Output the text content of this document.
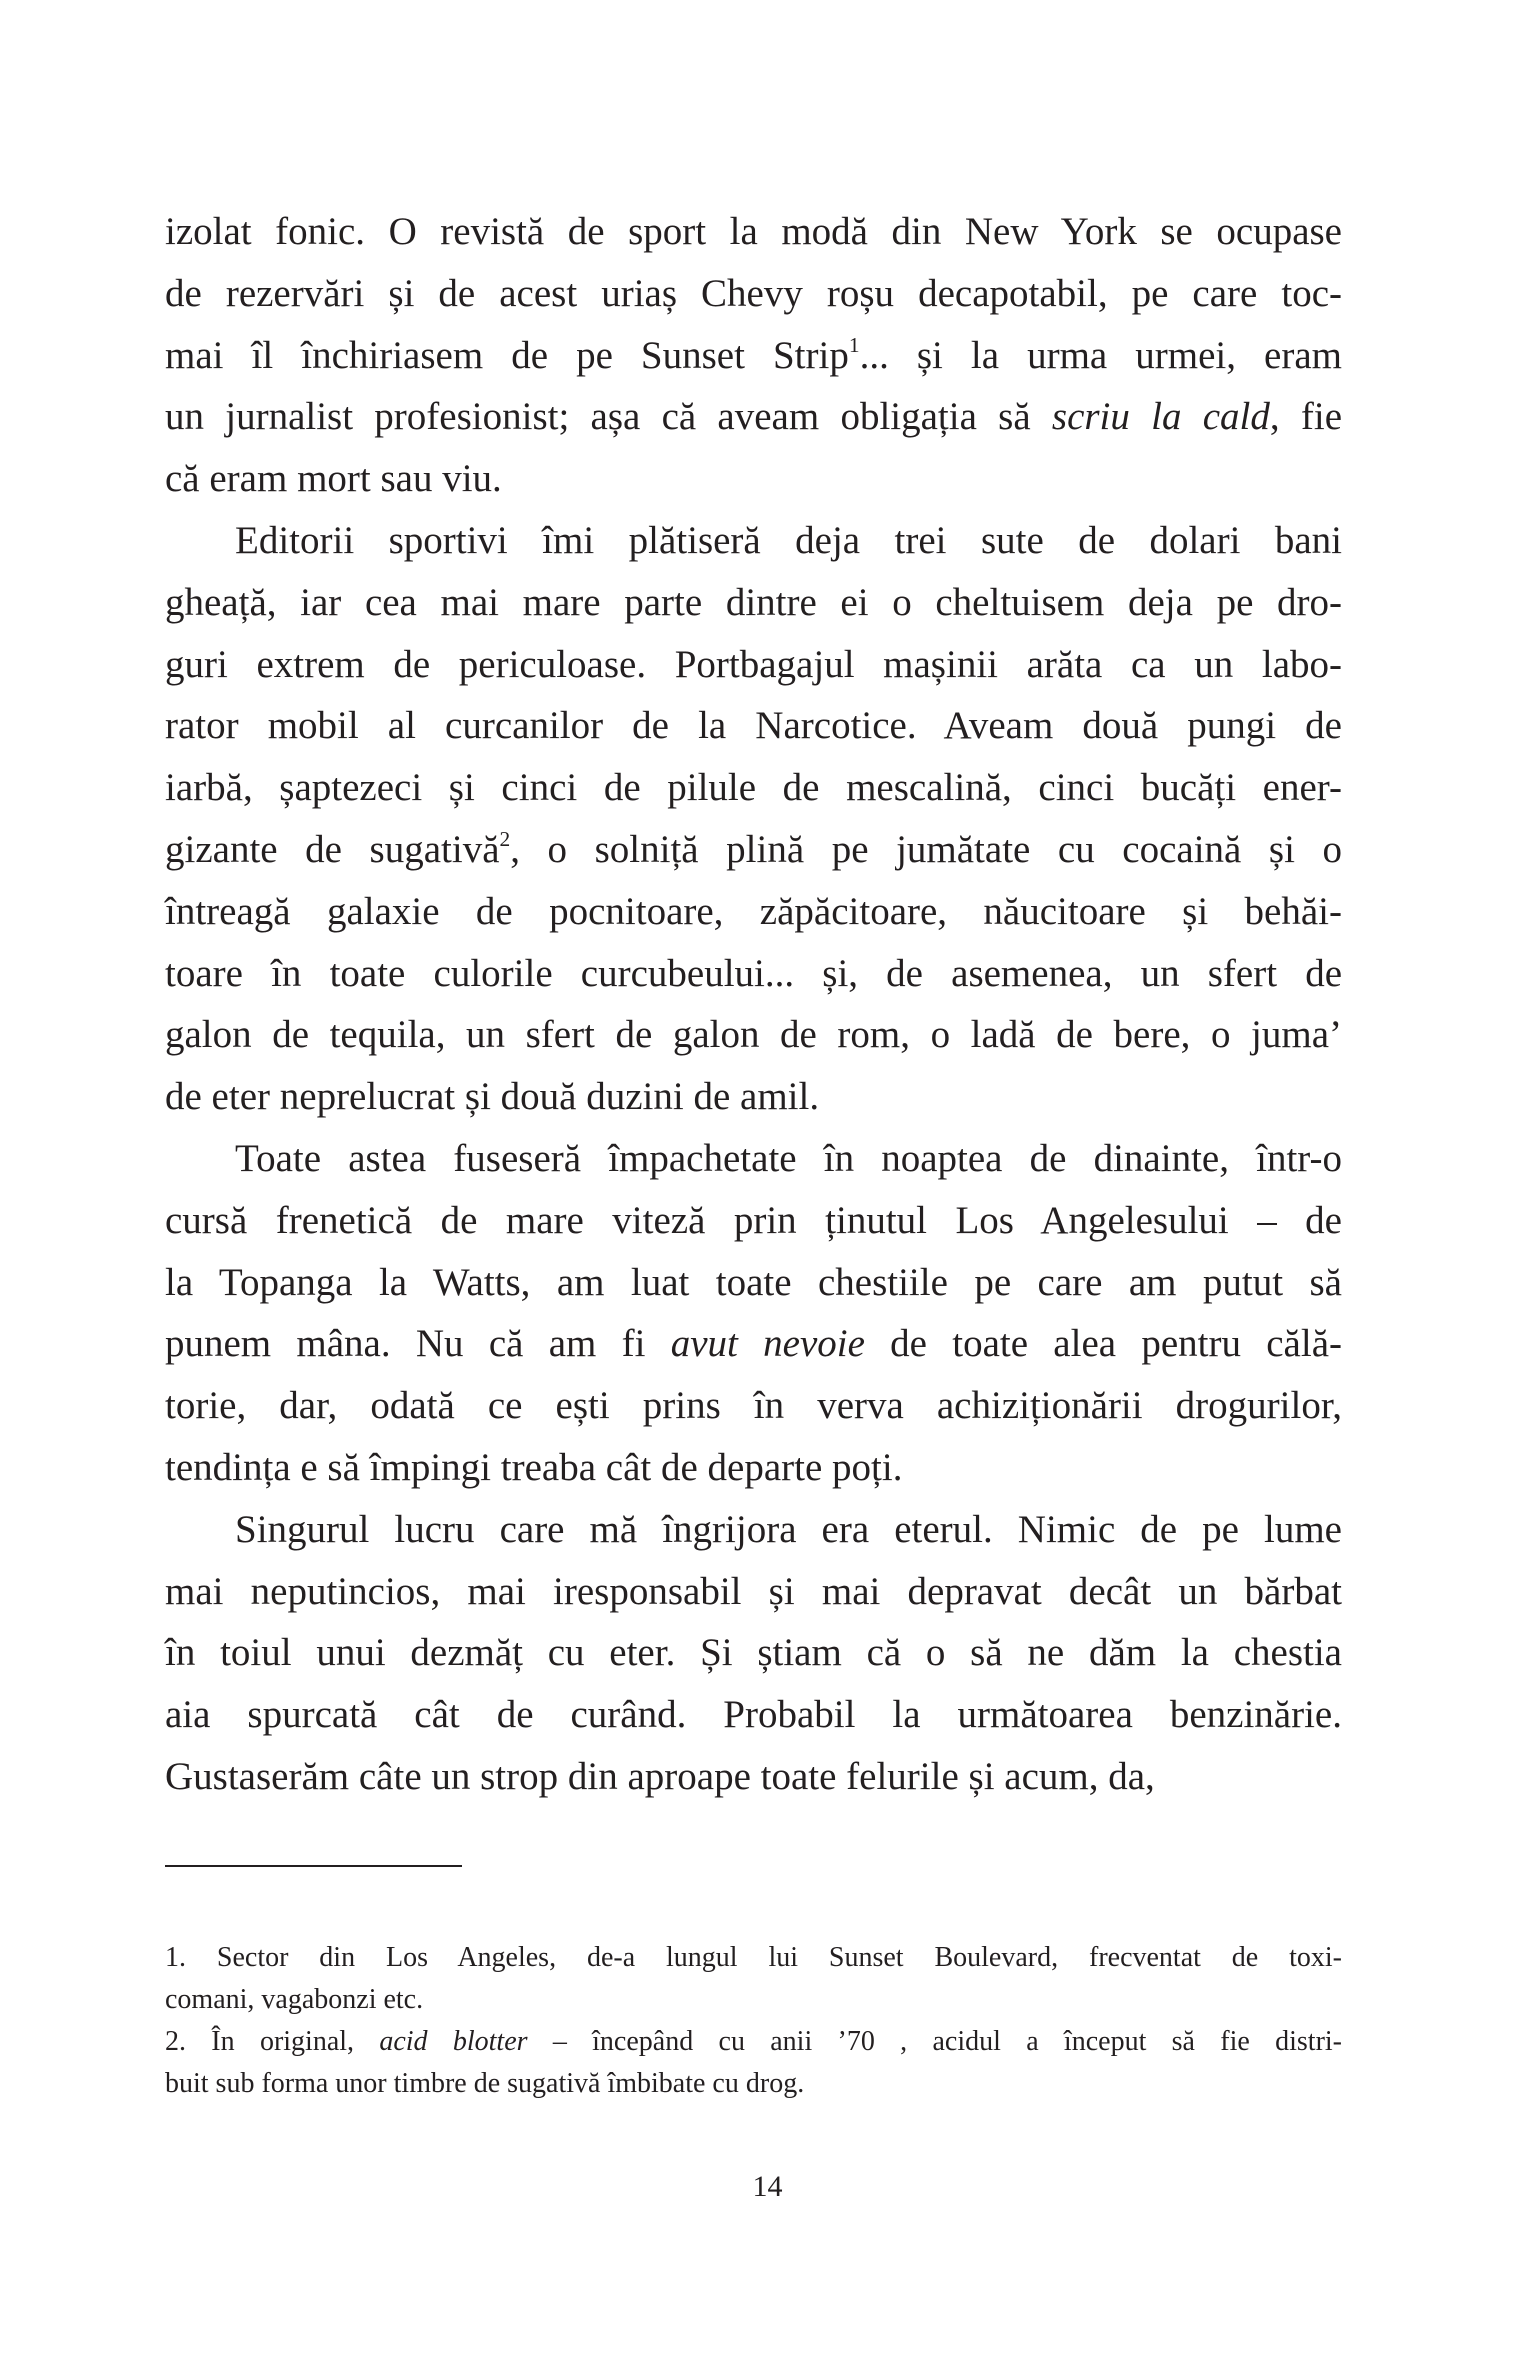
izolat fonic. O revistă de sport la modă din New York se ocupase
de rezervări și de acest uriaș Chevy roșu decapotabil, pe care toc-
mai îl închiriasem de pe Sunset Strip$^1$... și la urma urmei, eram
un jurnalist profesionist; așa că aveam obligația să scriu la cald, fie
că eram mort sau viu.
Editorii sportivi îmi plătiseră deja trei sute de dolari bani
gheață, iar cea mai mare parte dintre ei o cheltuisem deja pe dro-
guri extrem de periculoase. Portbagajul mașinii arăta ca un labo-
rator mobil al curcanilor de la Narcotice. Aveam două pungi de
iarbă, șaptezeci și cinci de pilule de mescalină, cinci bucăți ener-
gizante de sugativă$^2$, o solniță plină pe jumătate cu cocaină și o
întreagă galaxie de pocnitoare, zăpăcitoare, năucitoare și behăi-
toare în toate culorile curcubeului... și, de asemenea, un sfert de
galon de tequila, un sfert de galon de rom, o ladă de bere, o juma’
de eter neprelucrat și două duzini de amil.
Toate astea fuseseră împachetate în noaptea de dinainte, într-o
cursă frenetică de mare viteză prin ținutul Los Angelesului – de
la Topanga la Watts, am luat toate chestiile pe care am putut să
punem mâna. Nu că am fi avut nevoie de toate alea pentru călă-
torie, dar, odată ce ești prins în verva achiziționării drogurilor,
tendința e să împingi treaba cât de departe poți.
Singurul lucru care mă îngrijora era eterul. Nimic de pe lume
mai neputincios, mai iresponsabil și mai depravat decât un bărbat
în toiul unui dezmăț cu eter. Și știam că o să ne dăm la chestia
aia spurcată cât de curând. Probabil la următoarea benzinărie.
Gustaserăm câte un strop din aproape toate felurile și acum, da,
1. Sector din Los Angeles, de-a lungul lui Sunset Boulevard, frecventat de toxi-
comani, vagabonzi etc.
2. În original, acid blotter – începând cu anii ’70 , acidul a început să fie distri-
buit sub forma unor timbre de sugativă îmbibate cu drog.
14
